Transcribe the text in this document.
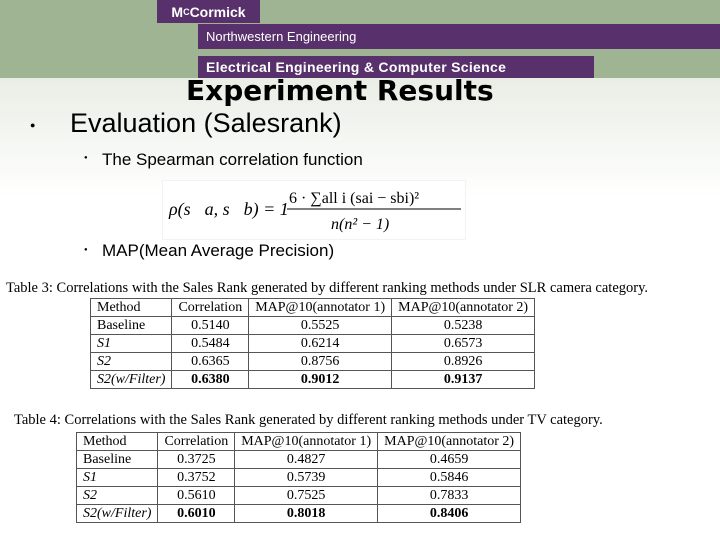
M C Cormick
Northwestern Engineering
Electrical Engineering & Computer Science
Experiment Results
● Evaluation (Salesrank)
● The Spearman correlation function
ρ(s⃗a, s⃗b) = 1 −
6 · ∑all i (sai − sbi)²
n(n² − 1)
● MAP(Mean Average Precision)
Table 3: Correlations with the Sales Rank generated by different ranking methods under SLR camera category.
Method	Correlation	MAP@10(annotator 1)	MAP@10(annotator 2)
Baseline	0.5140	0.5525	0.5238
S1	0.5484	0.6214	0.6573
S2	0.6365	0.8756	0.8926
S2(w/Filter)	0.6380	0.9012	0.9137
Table 4: Correlations with the Sales Rank generated by different ranking methods under TV category.
Method	Correlation	MAP@10(annotator 1)	MAP@10(annotator 2)
Baseline	0.3725	0.4827	0.4659
S1	0.3752	0.5739	0.5846
S2	0.5610	0.7525	0.7833
S2(w/Filter)	0.6010	0.8018	0.8406
